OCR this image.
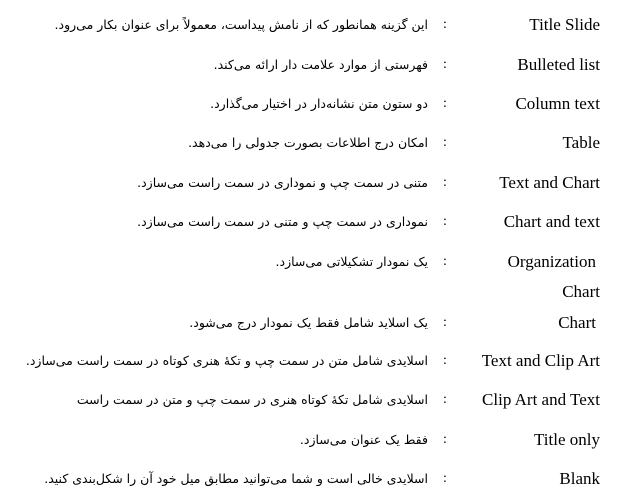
Title Slide
:
این گزینه همانطور که از نامش پیداست، معمولاً برای عنوان بکار می‌رود.
Bulleted list
:
فهرستی از موارد علامت دار ارائه می‌کند.
Column text
:
دو ستون متن نشانه‌دار در اختیار می‌گذارد.
Table
:
امکان درج اطلاعات بصورت جدولی را می‌دهد.
Text and Chart
:
متنی در سمت چپ و نموداری در سمت راست می‌سازد.
Chart and text
:
نموداری در سمت چپ و متنی در سمت راست می‌سازد.
Organization
:
یک نمودار تشکیلاتی می‌سازد.
Chart
Chart
:
یک اسلاید شامل فقط یک نمودار درج می‌شود.
Text and Clip Art
:
اسلایدی شامل متن در سمت چپ و تکهٔ هنری کوتاه در سمت راست می‌سازد.
Clip Art and Text
:
اسلایدی شامل تکهٔ کوتاه هنری در سمت چپ و متن در سمت راست
Title only
:
فقط یک عنوان می‌سازد.
Blank
:
اسلایدی خالی است و شما می‌توانید مطابق میل خود آن را شکل‌بندی کنید.
